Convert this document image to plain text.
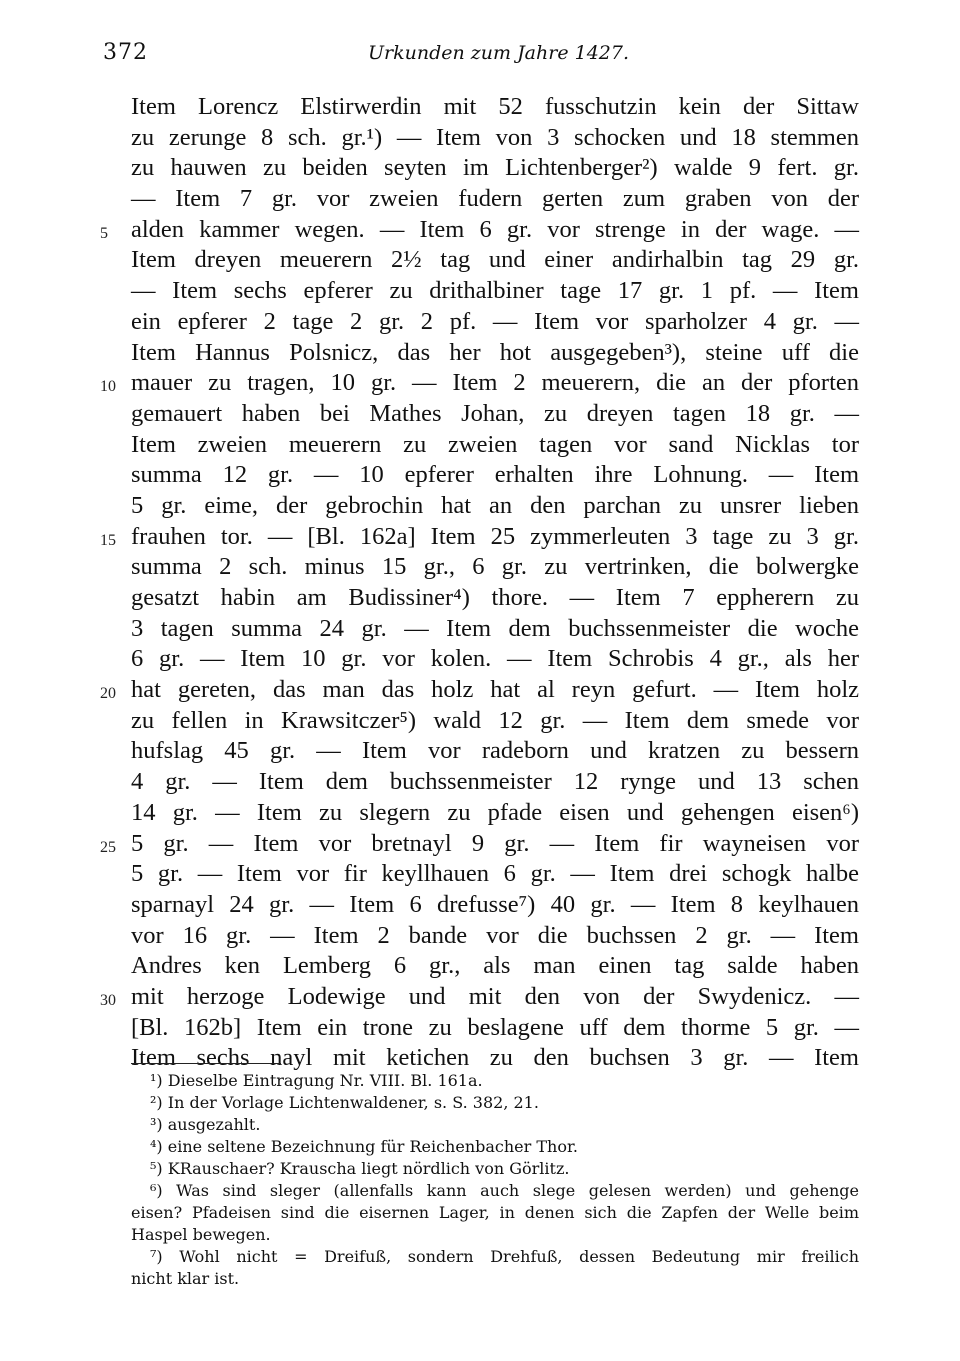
372	Urkunden zum Jahre 1427.
Item Lorencz Elstirwerdin mit 52 fusschutzin kein der Sittaw
zu zerunge 8 sch. gr.¹) — Item von 3 schocken und 18 stemmen
zu hauwen zu beiden seyten im Lichtenberger²) walde 9 fert. gr.
— Item 7 gr. vor zweien fudern gerten zum graben von der
5 alden kammer wegen. — Item 6 gr. vor strenge in der wage. —
Item dreyen meuerern 2½ tag und einer andirhalbin tag 29 gr.
— Item sechs epferer zu drithalbiner tage 17 gr. 1 pf. — Item
ein epferer 2 tage 2 gr. 2 pf. — Item vor sparholzer 4 gr. —
Item Hannus Polsnicz, das her hot ausgegeben³), steine uff die
10 mauer zu tragen, 10 gr. — Item 2 meuerern, die an der pforten
gemauert haben bei Mathes Johan, zu dreyen tagen 18 gr. —
Item zweien meuerern zu zweien tagen vor sand Nicklas tor
summa 12 gr. — 10 epferer erhalten ihre Lohnung. — Item
5 gr. eime, der gebrochin hat an den parchan zu unsrer lieben
15 frauhen tor. — [Bl. 162a] Item 25 zymmerleuten 3 tage zu 3 gr.
summa 2 sch. minus 15 gr., 6 gr. zu vertrinken, die bolwergke
gesatzt habin am Budissiner⁴) thore. — Item 7 eppherern zu
3 tagen summa 24 gr. — Item dem buchssenmeister die woche
6 gr. — Item 10 gr. vor kolen. — Item Schrobis 4 gr., als her
20 hat gereten, das man das holz hat al reyn gefurt. — Item holz
zu fellen in Krawsitczer⁵) wald 12 gr. — Item dem smede vor
hufslag 45 gr. — Item vor radeborn und kratzen zu bessern
4 gr. — Item dem buchssenmeister 12 rynge und 13 schen
14 gr. — Item zu slegern zu pfade eisen und gehengen eisen⁶)
25 5 gr. — Item vor bretnayl 9 gr. — Item fir wayneisen vor
5 gr. — Item vor fir keyllhauen 6 gr. — Item drei schogk halbe
sparnayl 24 gr. — Item 6 drefusse⁷) 40 gr. — Item 8 keylhauen
vor 16 gr. — Item 2 bande vor die buchssen 2 gr. — Item
Andres ken Lemberg 6 gr., als man einen tag salde haben
30 mit herzoge Lodewige und mit den von der Swydenicz. —
[Bl. 162b] Item ein trone zu beslagene uff dem thorme 5 gr. —
Item sechs nayl mit ketichen zu den buchsen 3 gr. — Item
¹) Dieselbe Eintragung Nr. VIII. Bl. 161a.
²) In der Vorlage Lichtenwaldener, s. S. 382, 21.
³) ausgezahlt.
⁴) eine seltene Bezeichnung für Reichenbacher Thor.
⁵) KRauschaer? Krauscha liegt nördlich von Görlitz.
⁶) Was sind sleger (allenfalls kann auch slege gelesen werden) und gehenge
eisen? Pfadeisen sind die eisernen Lager, in denen sich die Zapfen der Welle beim
Haspel bewegen.
⁷) Wohl nicht = Dreifuß, sondern Drehfuß, dessen Bedeutung mir freilich
nicht klar ist.
